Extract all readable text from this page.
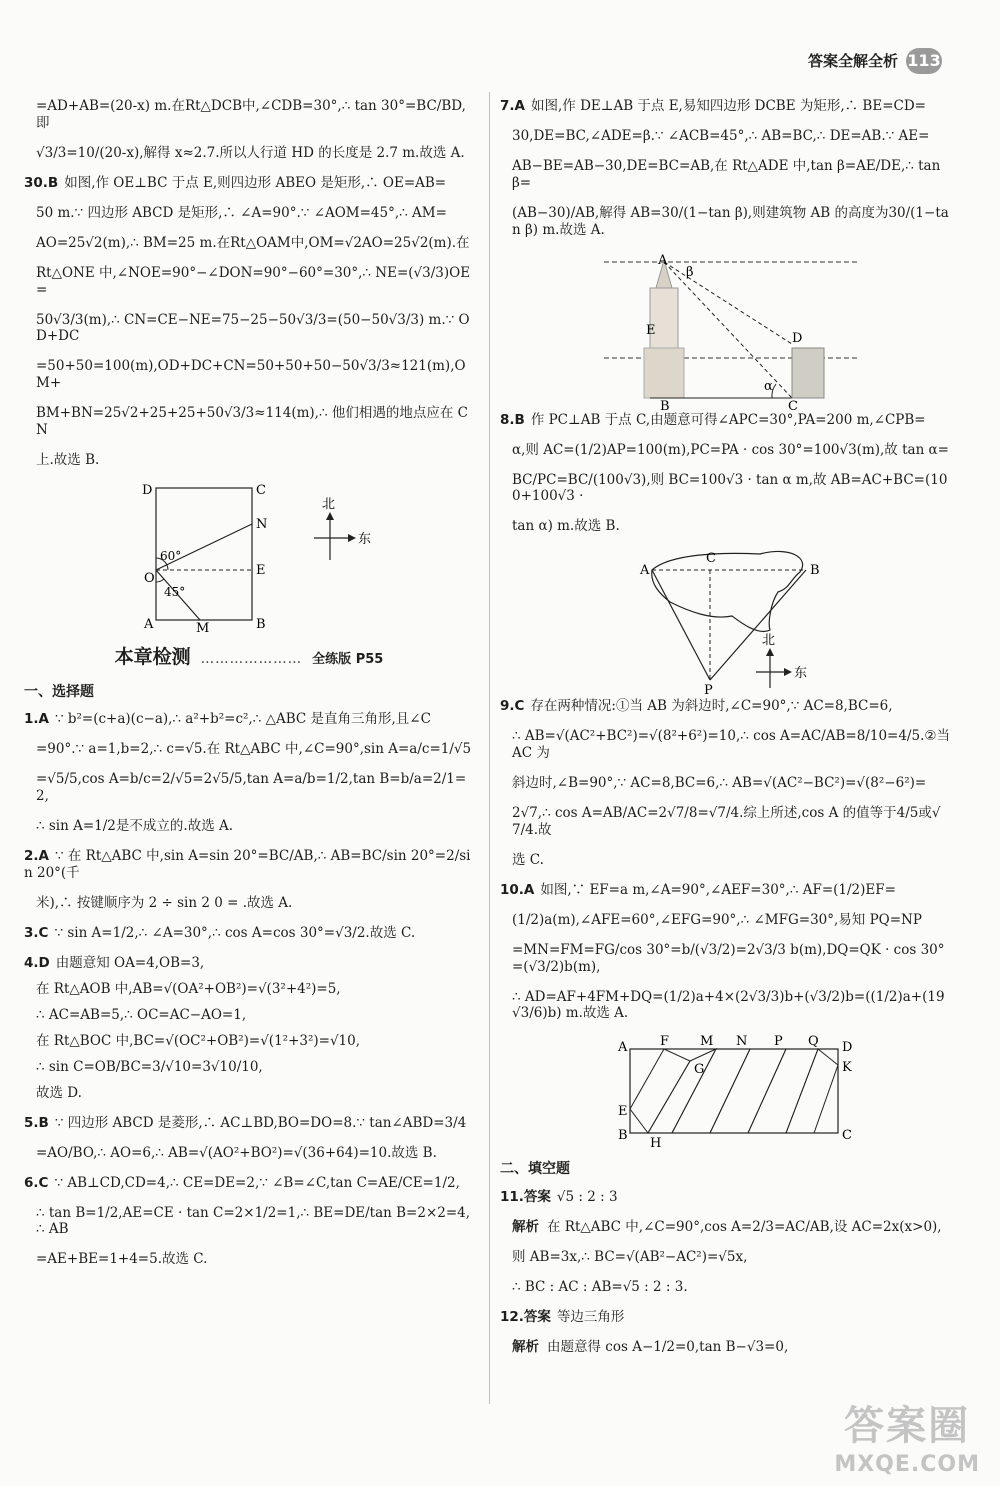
答案全解全析 113
=AD+AB=(20-x) m.在Rt△DCB中,∠CDB=30°,∴ tan 30°=BC/BD,即
√3/3=10/(20-x),解得 x≈2.7.所以人行道 HD 的长度是 2.7 m.故选 A.
30.B 如图,作 OE⊥BC 于点 E,则四边形 ABEO 是矩形,∴ OE=AB=
50 m.∵ 四边形 ABCD 是矩形,∴ ∠A=90°.∵ ∠AOM=45°,∴ AM=
AO=25√2(m),∴ BM=25 m.在Rt△OAM中,OM=√2AO=25√2(m).在
Rt△ONE 中,∠NOE=90°−∠DON=90°−60°=30°,∴ NE=(√3/3)OE=
50√3/3(m),∴ CN=CE−NE=75−25−50√3/3=(50−50√3/3) m.∵ OD+DC
=50+50=100(m),OD+DC+CN=50+50+50−50√3/3≈121(m),OM+
BM+BN=25√2+25+25+50√3/3≈114(m),∴ 他们相遇的地点应在 CN
上.故选 B.
D	C
N
E
O
A	M	B
60°
45°
北
东
本章检测 ………………… 全练版 P55
一、选择题
1.A ∵ b²=(c+a)(c−a),∴ a²+b²=c²,∴ △ABC 是直角三角形,且∠C
=90°.∵ a=1,b=2,∴ c=√5.在 Rt△ABC 中,∠C=90°,sin A=a/c=1/√5
=√5/5,cos A=b/c=2/√5=2√5/5,tan A=a/b=1/2,tan B=b/a=2/1=2,
∴ sin A=1/2是不成立的.故选 A.
2.A ∵ 在 Rt△ABC 中,sin A=sin 20°=BC/AB,∴ AB=BC/sin 20°=2/sin 20°(千
米),∴ 按键顺序为 2 ÷ sin 2 0 = .故选 A.
3.C ∵ sin A=1/2,∴ ∠A=30°,∴ cos A=cos 30°=√3/2.故选 C.
4.D 由题意知 OA=4,OB=3,
在 Rt△AOB 中,AB=√(OA²+OB²)=√(3²+4²)=5,
∴ AC=AB=5,∴ OC=AC−AO=1,
在 Rt△BOC 中,BC=√(OC²+OB²)=√(1²+3²)=√10,
∴ sin C=OB/BC=3/√10=3√10/10,
故选 D.
5.B ∵ 四边形 ABCD 是菱形,∴ AC⊥BD,BO=DO=8.∵ tan∠ABD=3/4
=AO/BO,∴ AO=6,∴ AB=√(AO²+BO²)=√(36+64)=10.故选 B.
6.C ∵ AB⊥CD,CD=4,∴ CE=DE=2,∵ ∠B=∠C,tan C=AE/CE=1/2,
∴ tan B=1/2,AE=CE · tan C=2×1/2=1,∴ BE=DE/tan B=2×2=4,∴ AB
=AE+BE=1+4=5.故选 C.
7.A 如图,作 DE⊥AB 于点 E,易知四边形 DCBE 为矩形,∴ BE=CD=
30,DE=BC,∠ADE=β.∵ ∠ACB=45°,∴ AB=BC,∴ DE=AB.∵ AE=
AB−BE=AB−30,DE=BC=AB,在 Rt△ADE 中,tan β=AE/DE,∴ tan β=
(AB−30)/AB,解得 AB=30/(1−tan β),则建筑物 AB 的高度为30/(1−tan β) m.故选 A.
A
β
E
D
α
B	C
8.B 作 PC⊥AB 于点 C,由题意可得∠APC=30°,PA=200 m,∠CPB=
α,则 AC=(1/2)AP=100(m),PC=PA · cos 30°=100√3(m),故 tan α=
BC/PC=BC/(100√3),则 BC=100√3 · tan α m,故 AB=AC+BC=(100+100√3 ·
tan α) m.故选 B.
A
C
B
P
北
东
9.C 存在两种情况:①当 AB 为斜边时,∠C=90°,∵ AC=8,BC=6,
∴ AB=√(AC²+BC²)=√(8²+6²)=10,∴ cos A=AC/AB=8/10=4/5.②当 AC 为
斜边时,∠B=90°,∵ AC=8,BC=6,∴ AB=√(AC²−BC²)=√(8²−6²)=
2√7,∴ cos A=AB/AC=2√7/8=√7/4.综上所述,cos A 的值等于4/5或√7/4.故
选 C.
10.A 如图,∵ EF=a m,∠A=90°,∠AEF=30°,∴ AF=(1/2)EF=
(1/2)a(m),∠AFE=60°,∠EFG=90°,∴ ∠MFG=30°,易知 PQ=NP
=MN=FM=FG/cos 30°=b/(√3/2)=2√3/3 b(m),DQ=QK · cos 30°=(√3/2)b(m),
∴ AD=AF+4FM+DQ=(1/2)a+4×(2√3/3)b+(√3/2)b=((1/2)a+(19√3/6)b) m.故选 A.
A	F M N P Q D
G	K
E
B
H
C
二、填空题
11.答案 √5 : 2 : 3
解析 在 Rt△ABC 中,∠C=90°,cos A=2/3=AC/AB,设 AC=2x(x>0),
则 AB=3x,∴ BC=√(AB²−AC²)=√5x,
∴ BC : AC : AB=√5 : 2 : 3.
12.答案 等边三角形
解析 由题意得 cos A−1/2=0,tan B−√3=0,
答案圈
MXQE.COM
